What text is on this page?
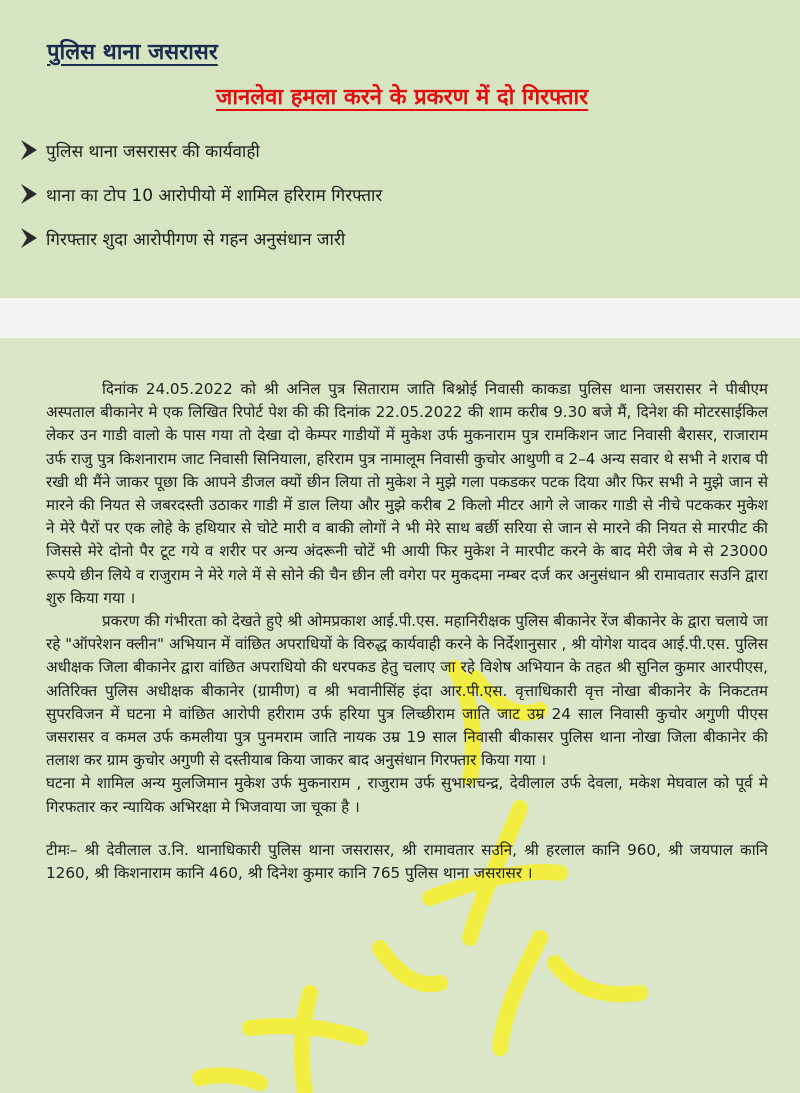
पुलिस थाना जसरासर
जानलेवा हमला करने के प्रकरण में दो गिरफ्तार
पुलिस थाना जसरासर की कार्यवाही
थाना का टोप 10 आरोपीयो में शामिल हरिराम गिरफ्तार
गिरफ्तार शुदा आरोपीगण से गहन अनुसंधान जारी

दिनांक 24.05.2022 को श्री अनिल पुत्र सिताराम जाति बिश्नोई निवासी काकडा पुलिस थाना जसरासर ने पीबीएम अस्पताल बीकानेर मे एक लिखित रिपोर्ट पेश की की दिनांक 22.05.2022 की शाम करीब 9.30 बजे मैं, दिनेश की मोटरसाईकिल लेकर उन गाडी वालो के पास गया तो देखा दो केम्पर गाडीयों में मुकेश उर्फ मुकनाराम पुत्र रामकिशन जाट निवासी बैरासर, राजाराम उर्फ राजु पुत्र किशनाराम जाट निवासी सिनियाला, हरिराम पुत्र नामालूम निवासी कुचोर आथुणी व 2–4 अन्य सवार थे सभी ने शराब पी रखी थी मैंने जाकर पूछा कि आपने डीजल क्यों छीन लिया तो मुकेश ने मुझे गला पकडकर पटक दिया और फिर सभी ने मुझे जान से मारने की नियत से जबरदस्ती उठाकर गाडी में डाल लिया और मुझे करीब 2 किलो मीटर आगे ले जाकर गाडी से नीचे पटककर मुकेश ने मेरे पैरों पर एक लोहे के हथियार से चोटे मारी व बाकी लोगों ने भी मेरे साथ बर्छी सरिया से जान से मारने की नियत से मारपीट की जिससे मेरे दोनो पैर टूट गये व शरीर पर अन्य अंदरूनी चोटें भी आयी फिर मुकेश ने मारपीट करने के बाद मेरी जेब मे से 23000 रूपये छीन लिये व राजुराम ने मेरे गले में से सोने की चैन छीन ली वगेरा पर मुकदमा नम्बर दर्ज कर अनुसंधान श्री रामावतार सउनि द्वारा शुरु किया गया ।

प्रकरण की गंभीरता को देखते हुऐ श्री ओमप्रकाश आई.पी.एस. महानिरीक्षक पुलिस बीकानेर रेंज बीकानेर के द्वारा चलाये जा रहे "ऑपरेशन क्लीन" अभियान में वांछित अपराधियों के विरुद्ध कार्यवाही करने के निर्देशानुसार , श्री योगेश यादव आई.पी.एस. पुलिस अधीक्षक जिला बीकानेर द्वारा वांछित अपराधियो की धरपकड हेतु चलाए जा रहे विशेष अभियान के तहत श्री सुनिल कुमार आरपीएस, अतिरिक्त पुलिस अधीक्षक बीकानेर (ग्रामीण) व श्री भवानीसिंह इंदा आर.पी.एस. वृत्ताधिकारी वृत्त नोखा बीकानेर के निकटतम सुपरविजन में घटना मे वांछित आरोपी हरीराम उर्फ हरिया पुत्र लिच्छीराम जाति जाट उम्र 24 साल निवासी कुचोर अगुणी पीएस जसरासर व कमल उर्फ कमलीया पुत्र पुनमराम जाति नायक उम्र 19 साल निवासी बीकासर पुलिस थाना नोखा जिला बीकानेर की तलाश कर ग्राम कुचोर अगुणी से दस्तीयाब किया जाकर बाद अनुसंधान गिरफ्तार किया गया ।

घटना मे शामिल अन्य मुलजिमान मुकेश उर्फ मुकनाराम , राजुराम उर्फ सुभाशचन्द्र, देवीलाल उर्फ देवला, मकेश मेघवाल को पूर्व मे गिरफतार कर न्यायिक अभिरक्षा मे भिजवाया जा चूका है ।

टीमः– श्री देवीलाल उ.नि. थानाधिकारी पुलिस थाना जसरासर, श्री रामावतार सउनि, श्री हरलाल कानि 960, श्री जयपाल कानि 1260, श्री किशनाराम कानि 460, श्री दिनेश कुमार कानि 765 पुलिस थाना जसरासर ।
